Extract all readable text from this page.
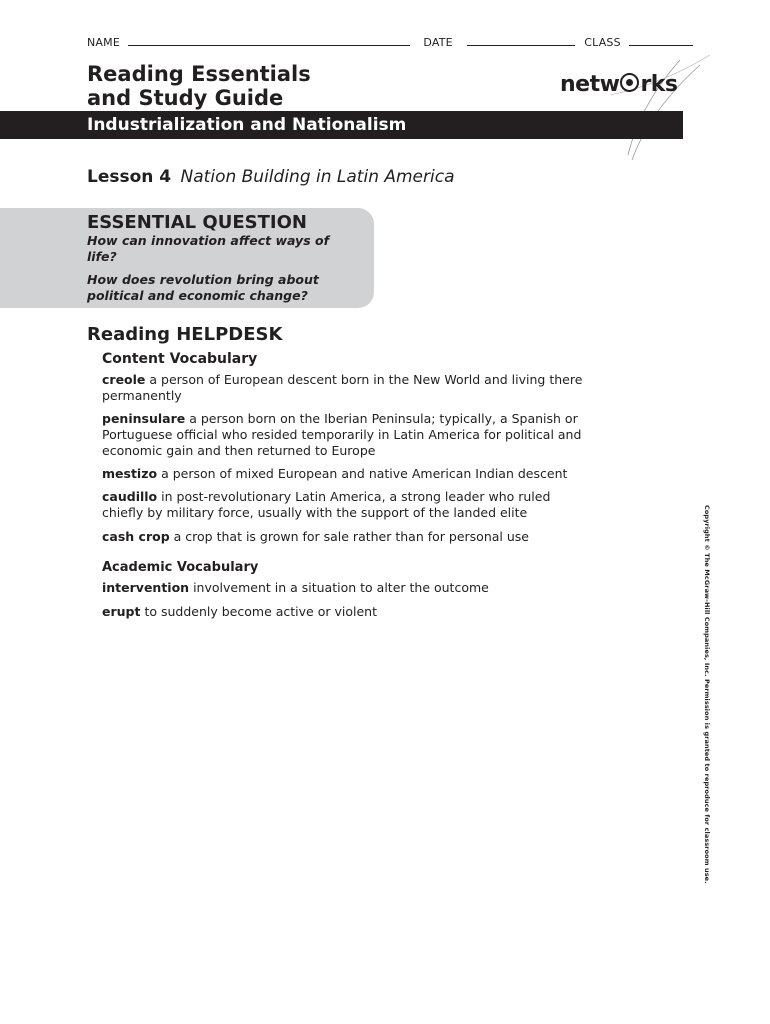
NAME	DATE	CLASS
Reading Essentials
and Study Guide
netw rks
Industrialization and Nationalism
Lesson 4 Nation Building in Latin America
ESSENTIAL QUESTION
How can innovation affect ways of life?
How does revolution bring about political and economic change?
Reading HELPDESK
Content Vocabulary
creole a person of European descent born in the New World and living there permanently
peninsulare a person born on the Iberian Peninsula; typically, a Spanish or Portuguese official who resided temporarily in Latin America for political and economic gain and then returned to Europe
mestizo a person of mixed European and native American Indian descent
caudillo in post-revolutionary Latin America, a strong leader who ruled chiefly by military force, usually with the support of the landed elite
cash crop a crop that is grown for sale rather than for personal use
Academic Vocabulary
intervention involvement in a situation to alter the outcome
erupt to suddenly become active or violent	Copyright © The McGraw-Hill Companies, Inc. Permission is granted to reproduce for classroom use.
